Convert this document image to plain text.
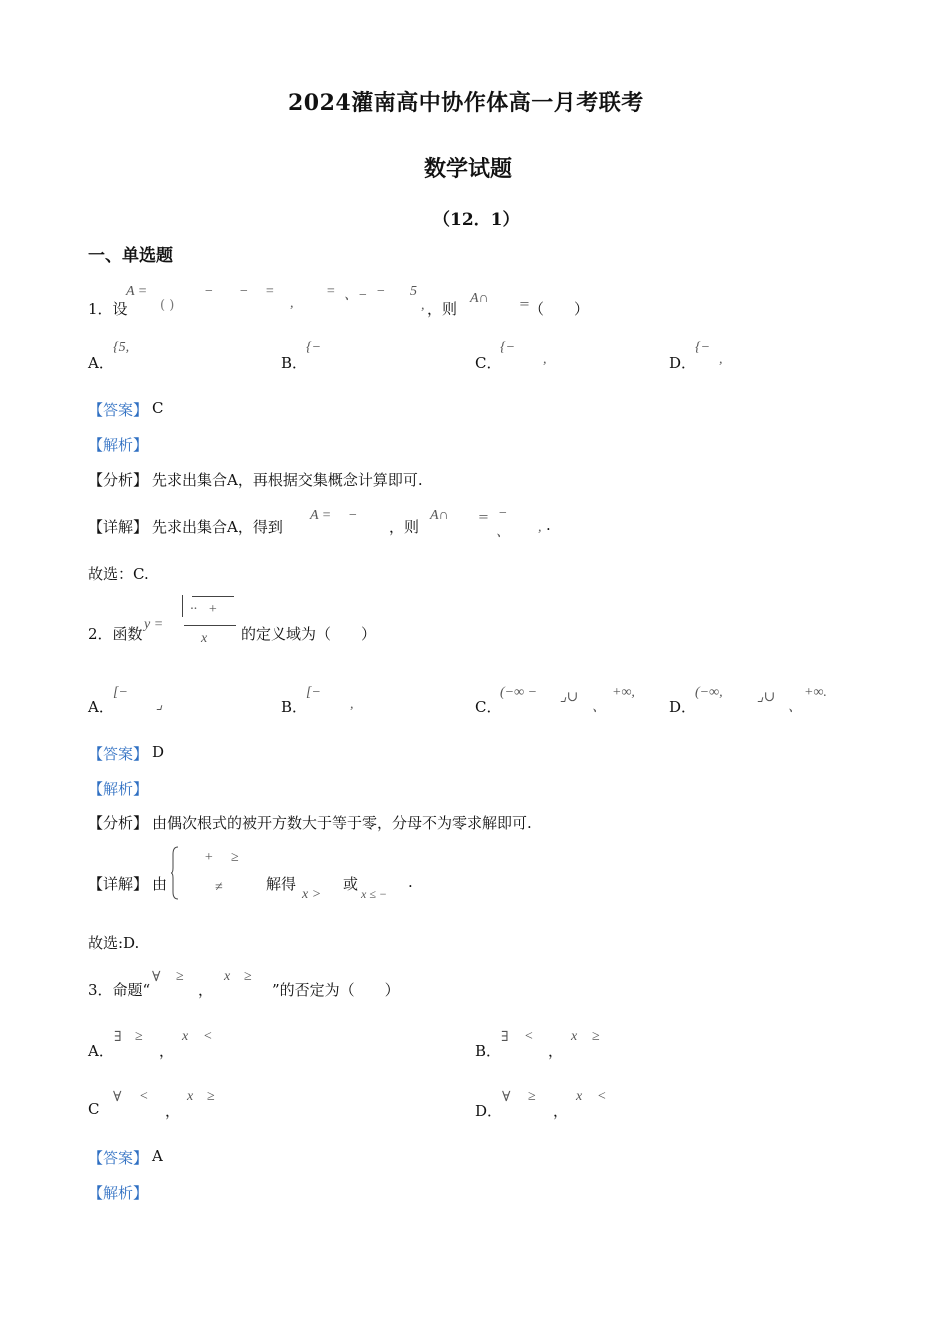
2024灌南高中协作体高一月考联考
数学试题
（12．1）
一、单选题
1．设
A =
( )
− − =
,
= 、− − 5
, ，则
A∩ = （　　）
A．
{5,
B．
{−
C．
{−
,	D．
{−
,
【答案】 C
【解析】
【分析】 先求出集合A，再根据交集概念计算即可.
【详解】 先求出集合A，得到
A = −
，则
A∩ = −
、 , .
故选：C.
2．函数
y =
·· +
x 的定义域为（　　）
A．
[−
⌟	B．
[−
,	C．
(−∞ − ⌟∪
、
+∞,
D．
(−∞, ⌟∪
、
+∞.
【答案】 D
【解析】
【分析】 由偶次根式的被开方数大于等于零，分母不为零求解即可.
【详解】 由
+ ≥
≠	解得
x >
或
x ≤ −
.
故选:D.
3．命题“
∀ ≥
，
x ≥
”的否定为（　　）
A．
∃ ≥
，
x <
B．
∃ <
，
x ≥
C
∀ <
，
x ≥
D．
∀ ≥
，
x <
【答案】 A
【解析】
